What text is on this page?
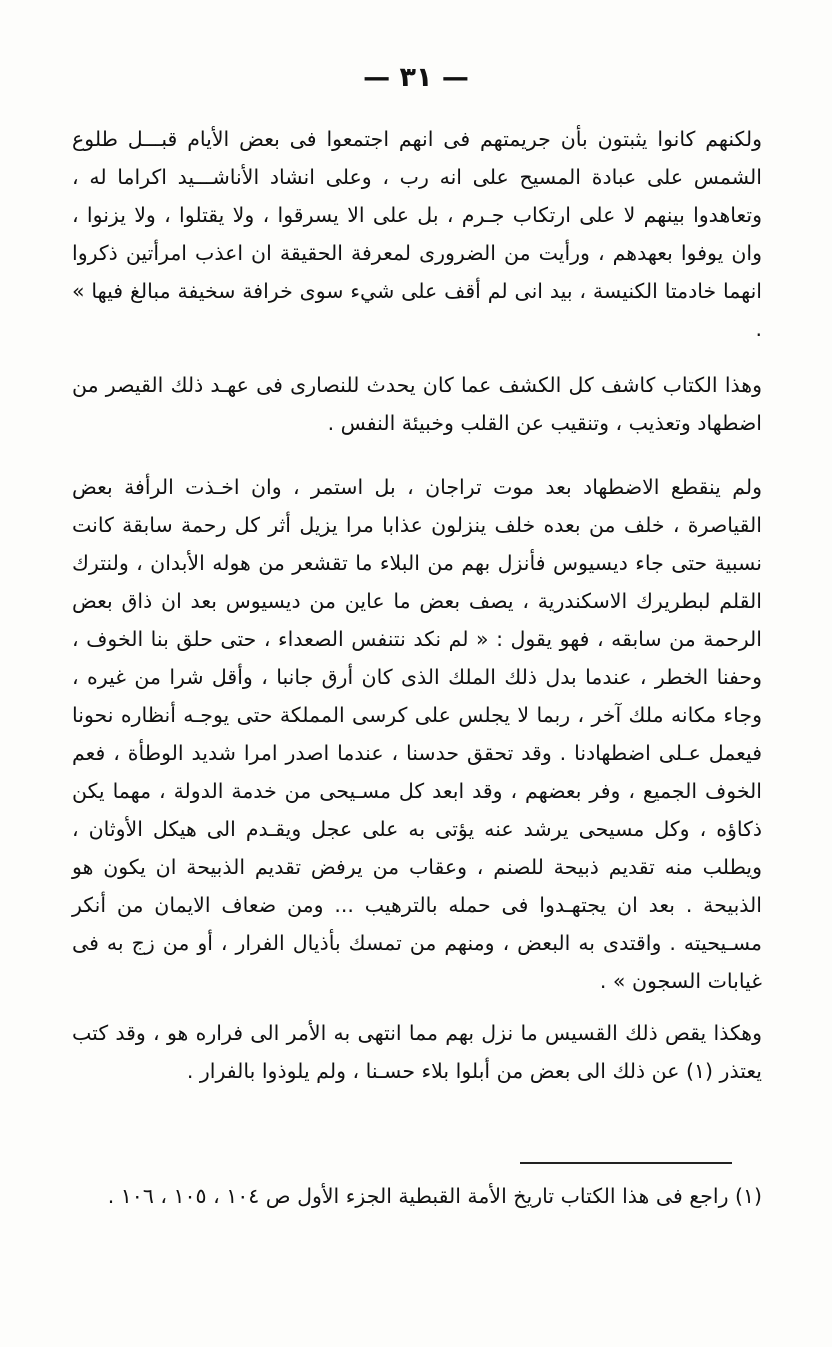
— ٣١ —

ولكنهم كانوا يثبتون بأن جريمتهم فى انهم اجتمعوا فى بعض الأيام قبـــل طلوع الشمس على عبادة المسيح على انه رب ، وعلى انشاد الأناشـــيد اكراما له ، وتعاهدوا بينهم لا على ارتكاب جـرم ، بل على الا يسرقوا ، ولا يقتلوا ، ولا يزنوا ، وان يوفوا بعهدهم ، ورأيت من الضرورى لمعرفة الحقيقة ان اعذب امرأتين ذكروا انهما خادمتا الكنيسة ، بيد انى لم أقف على شيء سوى خرافة سخيفة مبالغ فيها » .

وهذا الكتاب كاشف كل الكشف عما كان يحدث للنصارى فى عهـد ذلك القيصر من اضطهاد وتعذيب ، وتنقيب عن القلب وخبيئة النفس .

ولم ينقطع الاضطهاد بعد موت تراجان ، بل استمر ، وان اخـذت الرأفة بعض القياصرة ، خلف من بعده خلف ينزلون عذابا مرا يزيل أثر كل رحمة سابقة كانت نسبية حتى جاء ديسيوس فأنزل بهم من البلاء ما تقشعر من هوله الأبدان ، ولنترك القلم لبطريرك الاسكندرية ، يصف بعض ما عاين من ديسيوس بعد ان ذاق بعض الرحمة من سابقه ، فهو يقول : « لم نكد نتنفس الصعداء ، حتى حلق بنا الخوف ، وحفنا الخطر ، عندما بدل ذلك الملك الذى كان أرق جانبا ، وأقل شرا من غيره ، وجاء مكانه ملك آخر ، ربما لا يجلس على كرسى المملكة حتى يوجـه أنظاره نحونا فيعمل عـلى اضطهادنا . وقد تحقق حدسنا ، عندما اصدر امرا شديد الوطأة ، فعم الخوف الجميع ، وفر بعضهم ، وقد ابعد كل مسـيحى من خدمة الدولة ، مهما يكن ذكاؤه ، وكل مسيحى يرشد عنه يؤتى به على عجل ويقـدم الى هيكل الأوثان ، ويطلب منه تقديم ذبيحة للصنم ، وعقاب من يرفض تقديم الذبيحة ان يكون هو الذبيحة . بعد ان يجتهـدوا فى حمله بالترهيب ... ومن ضعاف الايمان من أنكر مسـيحيته . واقتدى به البعض ، ومنهم من تمسك بأذيال الفرار ، أو من زج به فى غيابات السجون » .

وهكذا يقص ذلك القسيس ما نزل بهم مما انتهى به الأمر الى فراره هو ، وقد كتب يعتذر (١) عن ذلك الى بعض من أبلوا بلاء حسـنا ، ولم يلوذوا بالفرار .

(١) راجع فى هذا الكتاب تاريخ الأمة القبطية الجزء الأول ص ١٠٤ ، ١٠٥ ، ١٠٦ .
